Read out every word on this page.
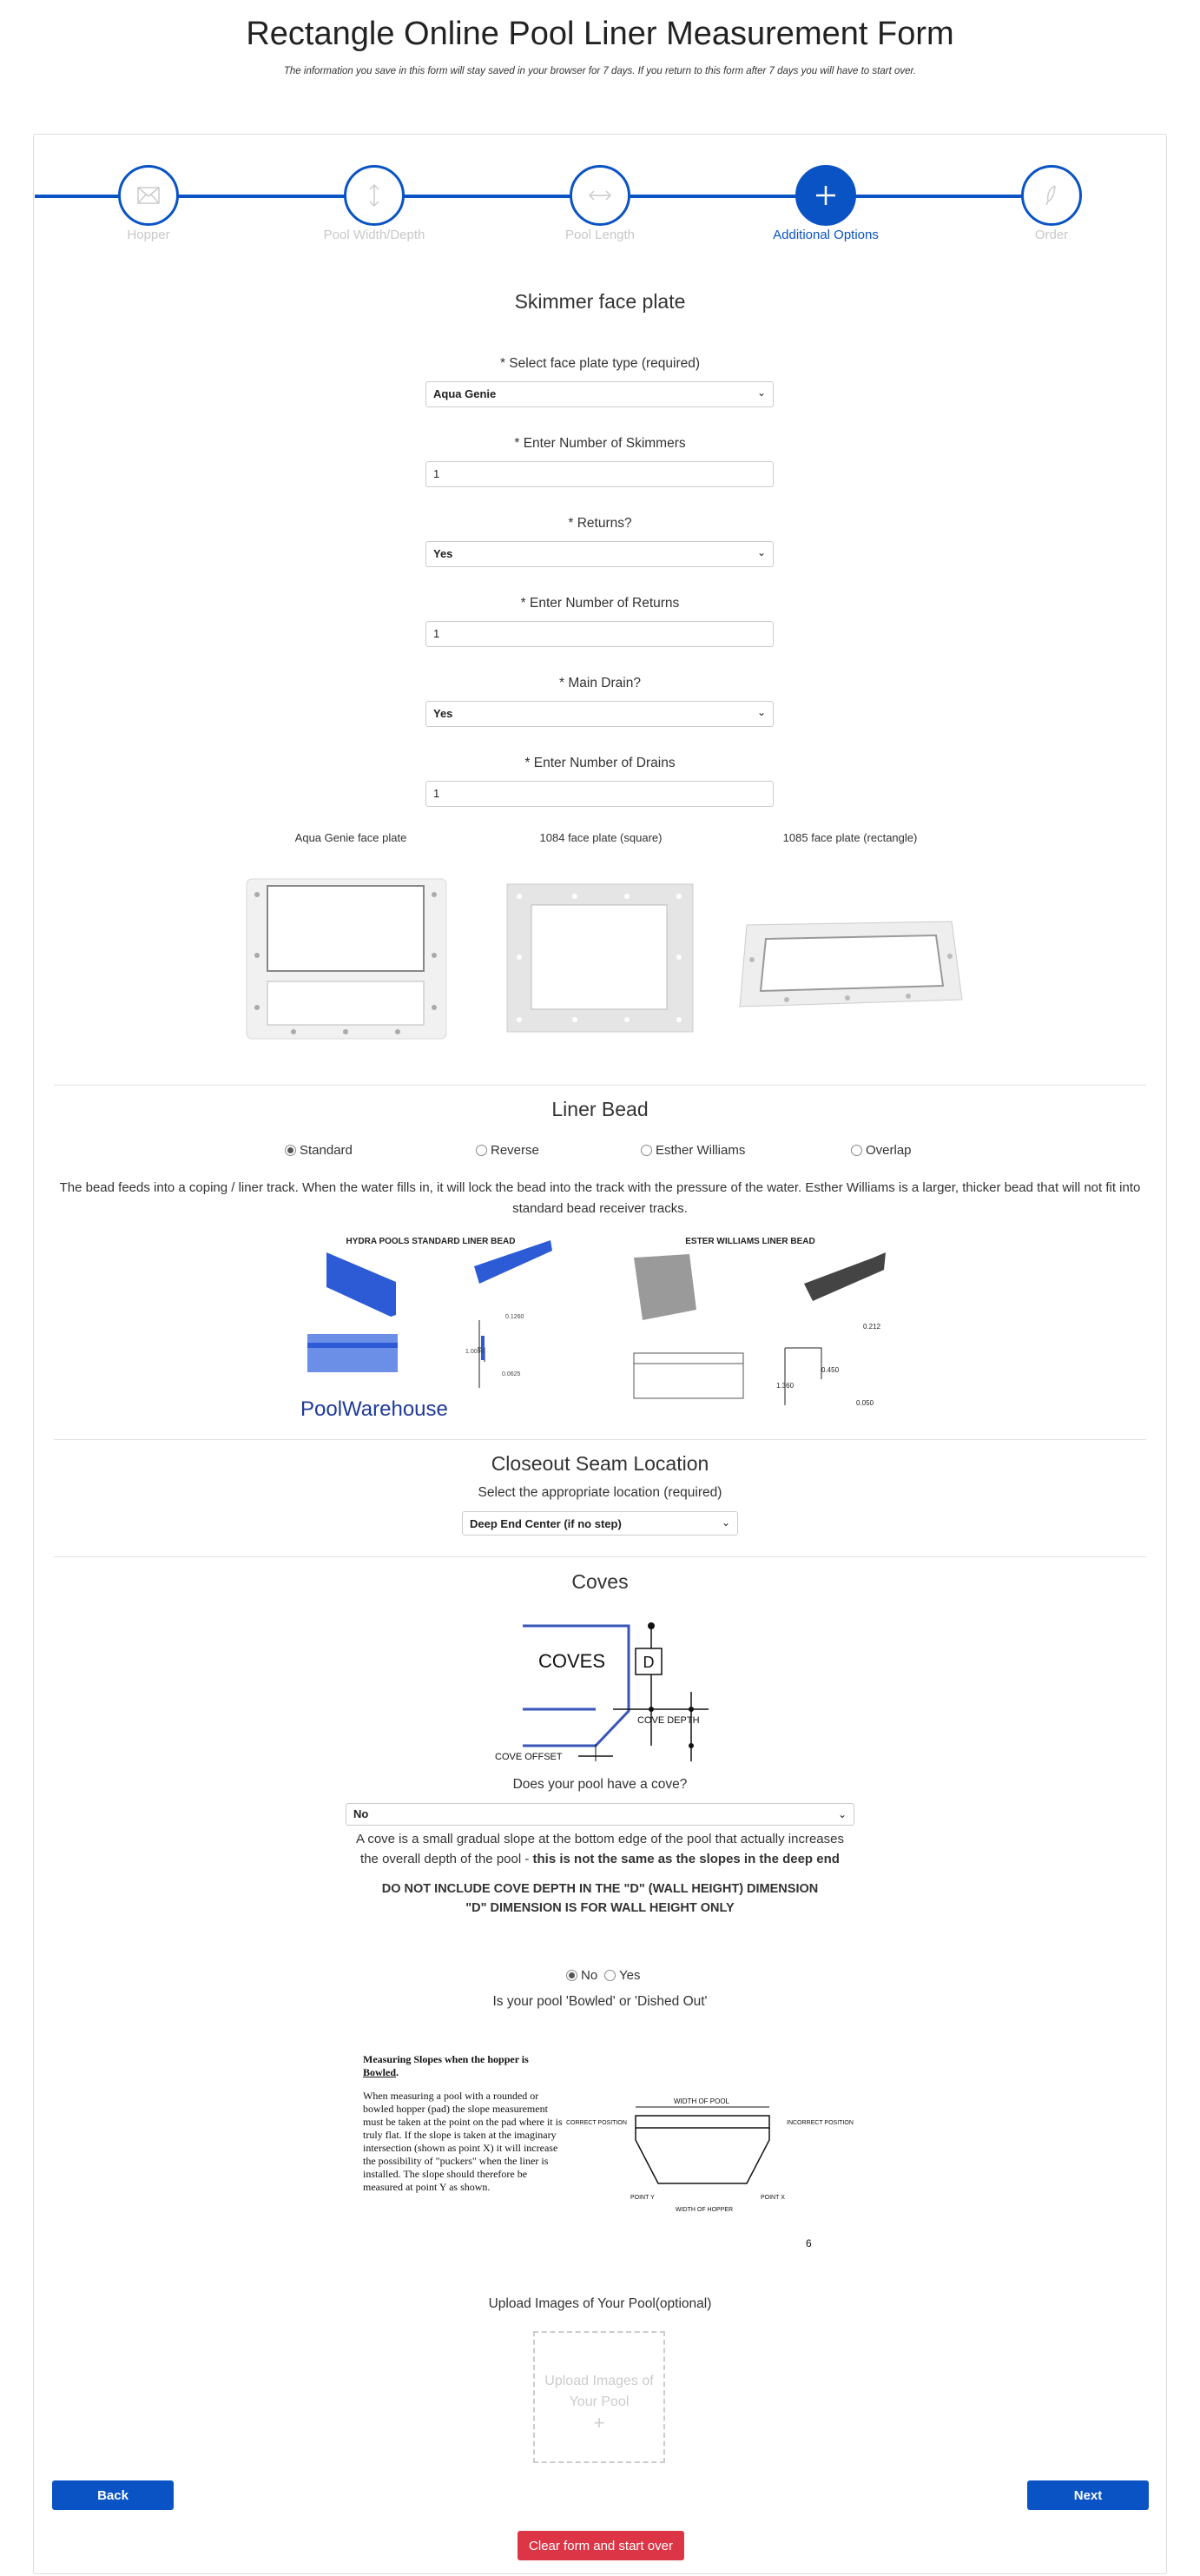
Rectangle Online Pool Liner Measurement Form
The information you save in this form will stay saved in your browser for 7 days. If you return to this form after 7 days you will have to start over.
Hopper	Pool Width/Depth	Pool Length	Additional Options	Order
Skimmer face plate
* Select face plate type (required)
Aqua Genie	⌄
* Enter Number of Skimmers
1
* Returns?
Yes	⌄
* Enter Number of Returns
1
* Main Drain?
Yes	⌄
* Enter Number of Drains
1
Aqua Genie face plate	1084 face plate (square)	1085 face plate (rectangle)
Liner Bead
Standard	Reverse	Esther Williams	Overlap
The bead feeds into a coping / liner track. When the water fills in, it will lock the bead into the track with the pressure of the water. Esther Williams is a larger, thicker bead that will not fit into standard bead receiver tracks.
HYDRA POOLS STANDARD LINER BEAD	ESTER WILLIAMS LINER BEAD
0.1260
0.0625
1.0000
PoolWarehouse
0.212
0.450
0.050
1.360
Closeout Seam Location
Select the appropriate location (required)
Deep End Center (if no step)	⌄
Coves
D
COVES
COVE DEPTH
COVE OFFSET
Does your pool have a cove?
No	⌄
A cove is a small gradual slope at the bottom edge of the pool that actually increases the overall depth of the pool - this is not the same as the slopes in the deep end
DO NOT INCLUDE COVE DEPTH IN THE "D" (WALL HEIGHT) DIMENSION
"D" DIMENSION IS FOR WALL HEIGHT ONLY
No Yes
Is your pool 'Bowled' or 'Dished Out'
Measuring Slopes when the hopper is Bowled.
When measuring a pool with a rounded or bowled hopper (pad) the slope measurement must be taken at the point on the pad where it is truly flat. If the slope is taken at the imaginary intersection (shown as point X) it will increase the possibility of "puckers" when the liner is installed. The slope should therefore be measured at point Y as shown.
WIDTH OF POOL
CORRECT POSITION	INCORRECT POSITION
POINT Y	POINT X
WIDTH OF HOPPER
6
Upload Images of Your Pool(optional)
Upload Images of
Your Pool
+
Back	Next
Clear form and start over
